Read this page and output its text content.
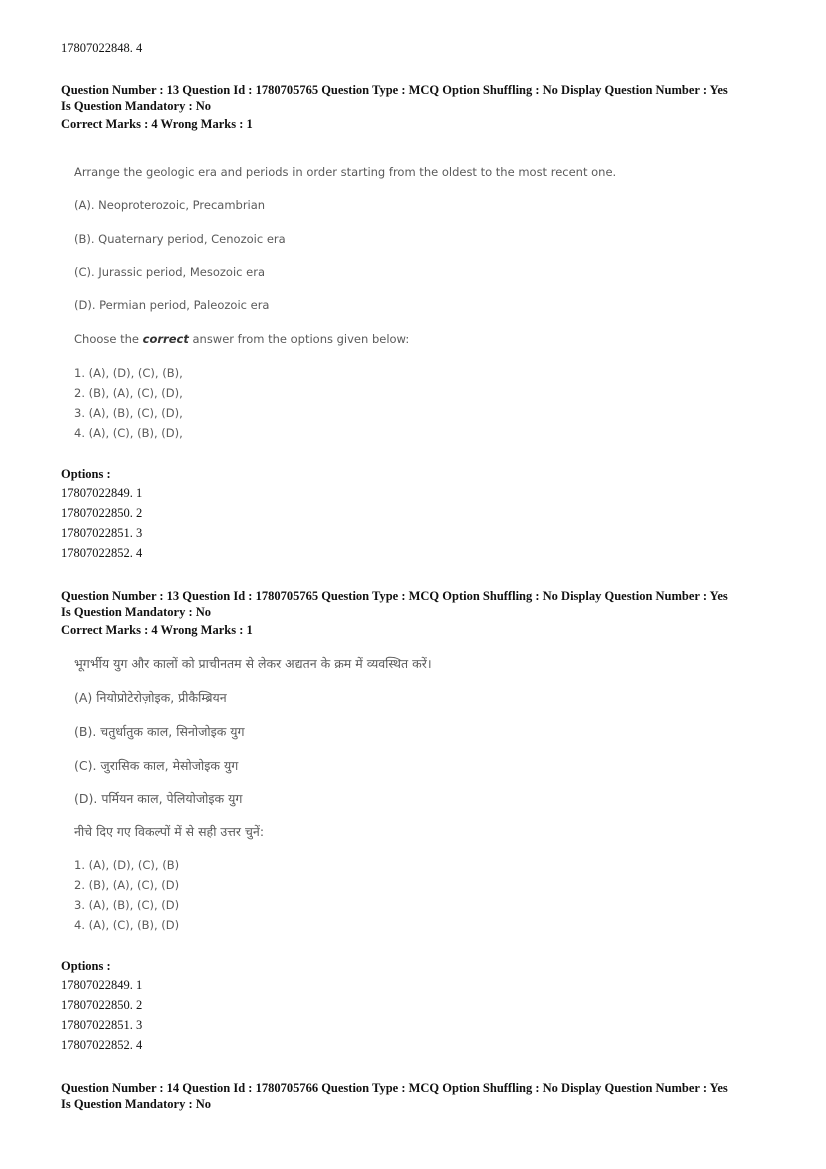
17807022848. 4
Question Number : 13 Question Id : 1780705765 Question Type : MCQ Option Shuffling : No Display Question Number : Yes
Is Question Mandatory : No
Correct Marks : 4 Wrong Marks : 1
Arrange the geologic era and periods in order starting from the oldest to the most recent one.
(A). Neoproterozoic, Precambrian
(B). Quaternary period, Cenozoic era
(C). Jurassic period, Mesozoic era
(D). Permian period, Paleozoic era
Choose the correct answer from the options given below:
1. (A), (D), (C), (B),
2. (B), (A), (C), (D),
3. (A), (B), (C), (D),
4. (A), (C), (B), (D),
Options :
17807022849. 1
17807022850. 2
17807022851. 3
17807022852. 4
Question Number : 13 Question Id : 1780705765 Question Type : MCQ Option Shuffling : No Display Question Number : Yes
Is Question Mandatory : No
Correct Marks : 4 Wrong Marks : 1
भूगर्भीय युग और कालों को प्राचीनतम से लेकर अद्यतन के क्रम में व्यवस्थित करें।
(A) नियोप्रोटेरोज़ोइक, प्रीकैम्ब्रियन
(B). चतुर्धातुक काल, सिनोजोइक युग
(C). जुरासिक काल, मेसोजोइक युग
(D). पर्मियन काल, पेलियोजोइक युग
नीचे दिए गए विकल्पों में से सही उत्तर चुनें:
1. (A), (D), (C), (B)
2. (B), (A), (C), (D)
3. (A), (B), (C), (D)
4. (A), (C), (B), (D)
Options :
17807022849. 1
17807022850. 2
17807022851. 3
17807022852. 4
Question Number : 14 Question Id : 1780705766 Question Type : MCQ Option Shuffling : No Display Question Number : Yes
Is Question Mandatory : No
